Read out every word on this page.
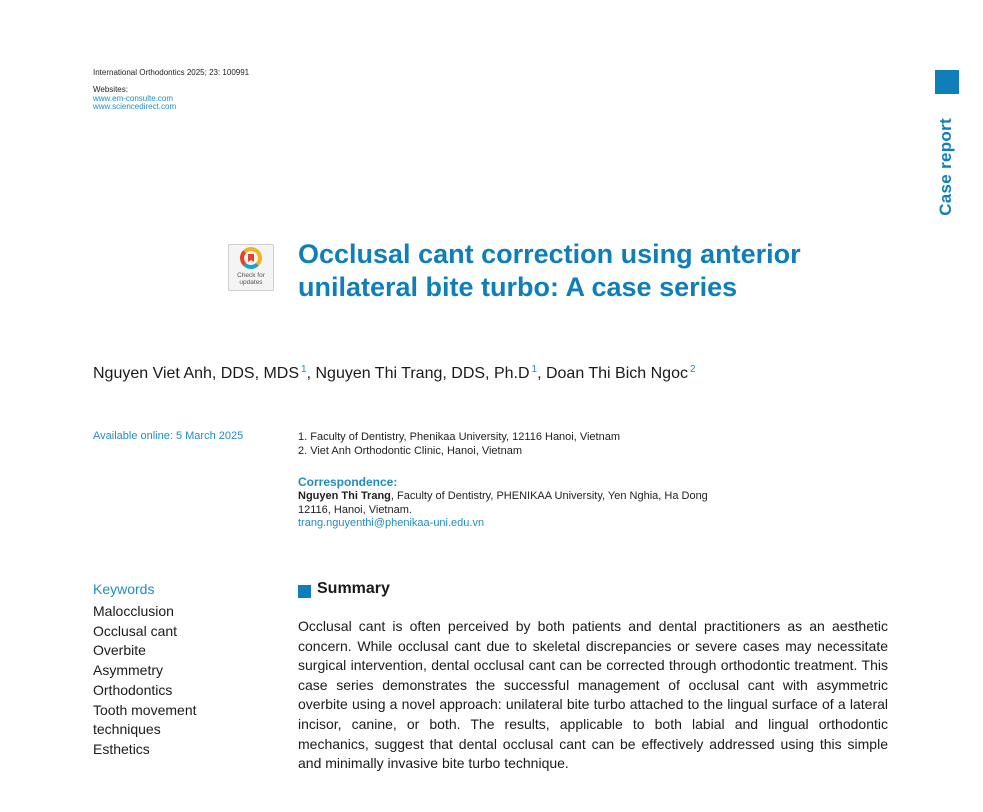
International Orthodontics 2025; 23: 100991
Websites:
www.em-consulte.com
www.sciencedirect.com
Case report
Check for
updates
Occlusal cant correction using anterior
unilateral bite turbo: A case series
Nguyen Viet Anh, DDS, MDS $^1$, Nguyen Thi Trang, DDS, Ph.D $^1$, Doan Thi Bich Ngoc $^2$
Available online: 5 March 2025	1. Faculty of Dentistry, Phenikaa University, 12116 Hanoi, Vietnam
2. Viet Anh Orthodontic Clinic, Hanoi, Vietnam
Correspondence:
Nguyen Thi Trang, Faculty of Dentistry, PHENIKAA University, Yen Nghia, Ha Dong 12116, Hanoi, Vietnam.
trang.nguyenthi@phenikaa-uni.edu.vn
Keywords
Malocclusion
Occlusal cant
Overbite
Asymmetry
Orthodontics
Tooth movement
techniques
Esthetics
Summary

Occlusal cant is often perceived by both patients and dental practitioners as an aesthetic concern. While occlusal cant due to skeletal discrepancies or severe cases may necessitate surgical intervention, dental occlusal cant can be corrected through orthodontic treatment. This case series demonstrates the successful management of occlusal cant with asymmetric overbite using a novel approach: unilateral bite turbo attached to the lingual surface of a lateral incisor, canine, or both. The results, applicable to both labial and lingual orthodontic mechanics, suggest that dental occlusal cant can be effectively addressed using this simple and minimally invasive bite turbo technique.
